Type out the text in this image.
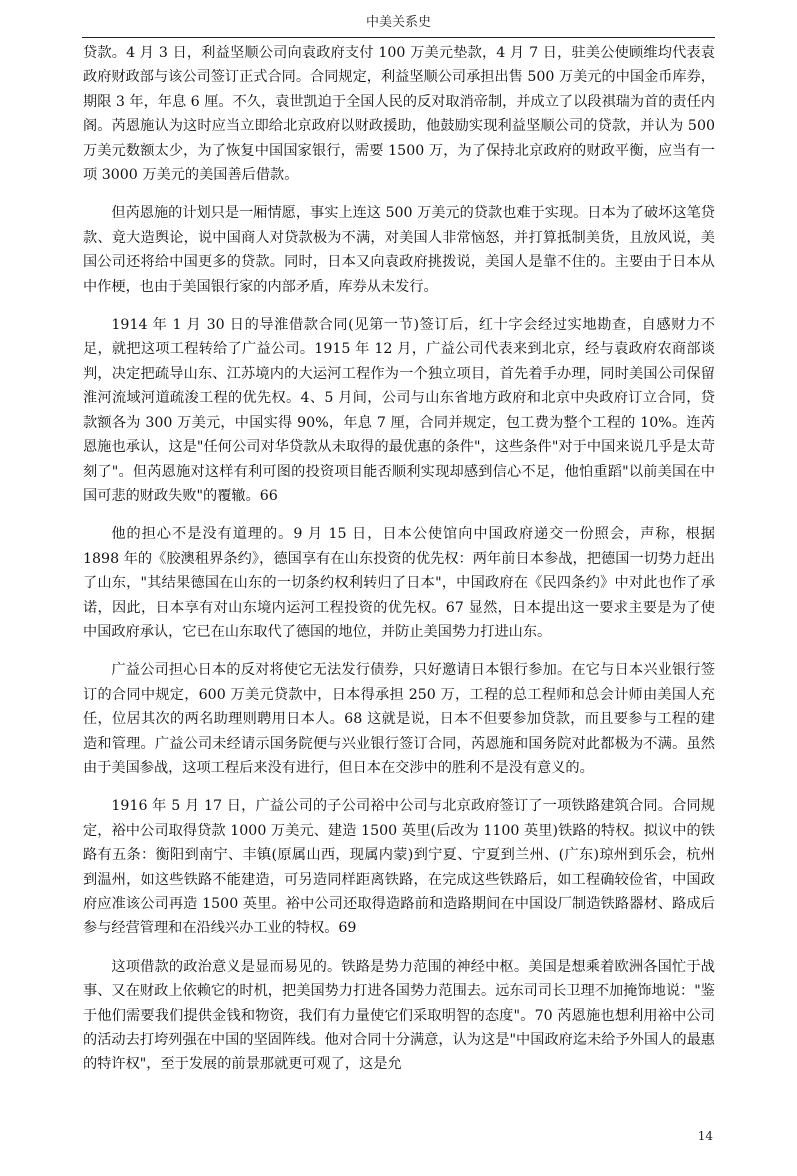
中美关系史

贷款。4 月 3 日，利益坚顺公司向袁政府支付 100 万美元垫款，4 月 7 日，驻美公使顾维均代表袁政府财政部与该公司签订正式合同。合同规定，利益坚顺公司承担出售 500 万美元的中国金币库券，期限 3 年，年息 6 厘。不久，袁世凯迫于全国人民的反对取消帝制，并成立了以段祺瑞为首的责任内阁。芮恩施认为这时应当立即给北京政府以财政援助，他鼓励实现利益坚顺公司的贷款，并认为 500 万美元数额太少，为了恢复中国国家银行，需要 1500 万，为了保持北京政府的财政平衡，应当有一项 3000 万美元的美国善后借款。

但芮恩施的计划只是一厢情愿，事实上连这 500 万美元的贷款也难于实现。日本为了破坏这笔贷款、竟大造舆论，说中国商人对贷款极为不满，对美国人非常恼怒，并打算抵制美货，且放风说，美国公司还将给中国更多的贷款。同时，日本又向袁政府挑拨说，美国人是靠不住的。主要由于日本从中作梗，也由于美国银行家的内部矛盾，库券从未发行。

1914 年 1 月 30 日的导淮借款合同(见第一节)签订后，红十字会经过实地勘查，自感财力不足，就把这项工程转给了广益公司。1915 年 12 月，广益公司代表来到北京，经与袁政府农商部谈判，决定把疏导山东、江苏境内的大运河工程作为一个独立项目，首先着手办理，同时美国公司保留淮河流域河道疏浚工程的优先权。4、5 月间，公司与山东省地方政府和北京中央政府订立合同，贷款额各为 300 万美元，中国实得 90%，年息 7 厘，合同并规定，包工费为整个工程的 10%。连芮恩施也承认，这是"任何公司对华贷款从未取得的最优惠的条件"，这些条件"对于中国来说几乎是太苛刻了"。但芮恩施对这样有利可图的投资项目能否顺利实现却感到信心不足，他怕重蹈"以前美国在中国可悲的财政失败"的覆辙。66

他的担心不是没有道理的。9 月 15 日，日本公使馆向中国政府递交一份照会，声称，根据 1898 年的《胶澳租界条约》，德国享有在山东投资的优先权：两年前日本参战，把德国一切势力赶出了山东，"其结果德国在山东的一切条约权利转归了日本"，中国政府在《民四条约》中对此也作了承诺，因此，日本享有对山东境内运河工程投资的优先权。67 显然，日本提出这一要求主要是为了使中国政府承认，它已在山东取代了德国的地位，并防止美国势力打进山东。

广益公司担心日本的反对将使它无法发行债券，只好邀请日本银行参加。在它与日本兴业银行签订的合同中规定，600 万美元贷款中，日本得承担 250 万，工程的总工程师和总会计师由美国人充任，位居其次的两名助理则聘用日本人。68 这就是说，日本不但要参加贷款，而且要参与工程的建造和管理。广益公司未经请示国务院便与兴业银行签订合同，芮恩施和国务院对此都极为不满。虽然由于美国参战，这项工程后来没有进行，但日本在交涉中的胜利不是没有意义的。

1916 年 5 月 17 日，广益公司的子公司裕中公司与北京政府签订了一项铁路建筑合同。合同规定，裕中公司取得贷款 1000 万美元、建造 1500 英里(后改为 1100 英里)铁路的特权。拟议中的铁路有五条：衡阳到南宁、丰镇(原属山西，现属内蒙)到宁夏、宁夏到兰州、(广东)琼州到乐会，杭州到温州，如这些铁路不能建造，可另造同样距离铁路，在完成这些铁路后，如工程确较俭省，中国政府应准该公司再造 1500 英里。裕中公司还取得造路前和造路期间在中国设厂制造铁路器材、路成后参与经营管理和在沿线兴办工业的特权。69

这项借款的政治意义是显而易见的。铁路是势力范围的神经中枢。美国是想乘着欧洲各国忙于战事、又在财政上依赖它的时机，把美国势力打进各国势力范围去。远东司司长卫理不加掩饰地说："鉴于他们需要我们提供金钱和物资，我们有力量使它们采取明智的态度"。70 芮恩施也想利用裕中公司的活动去打垮列强在中国的坚固阵线。他对合同十分满意，认为这是"中国政府迄未给予外国人的最惠的特许权"，至于发展的前景那就更可观了，这是允

14
